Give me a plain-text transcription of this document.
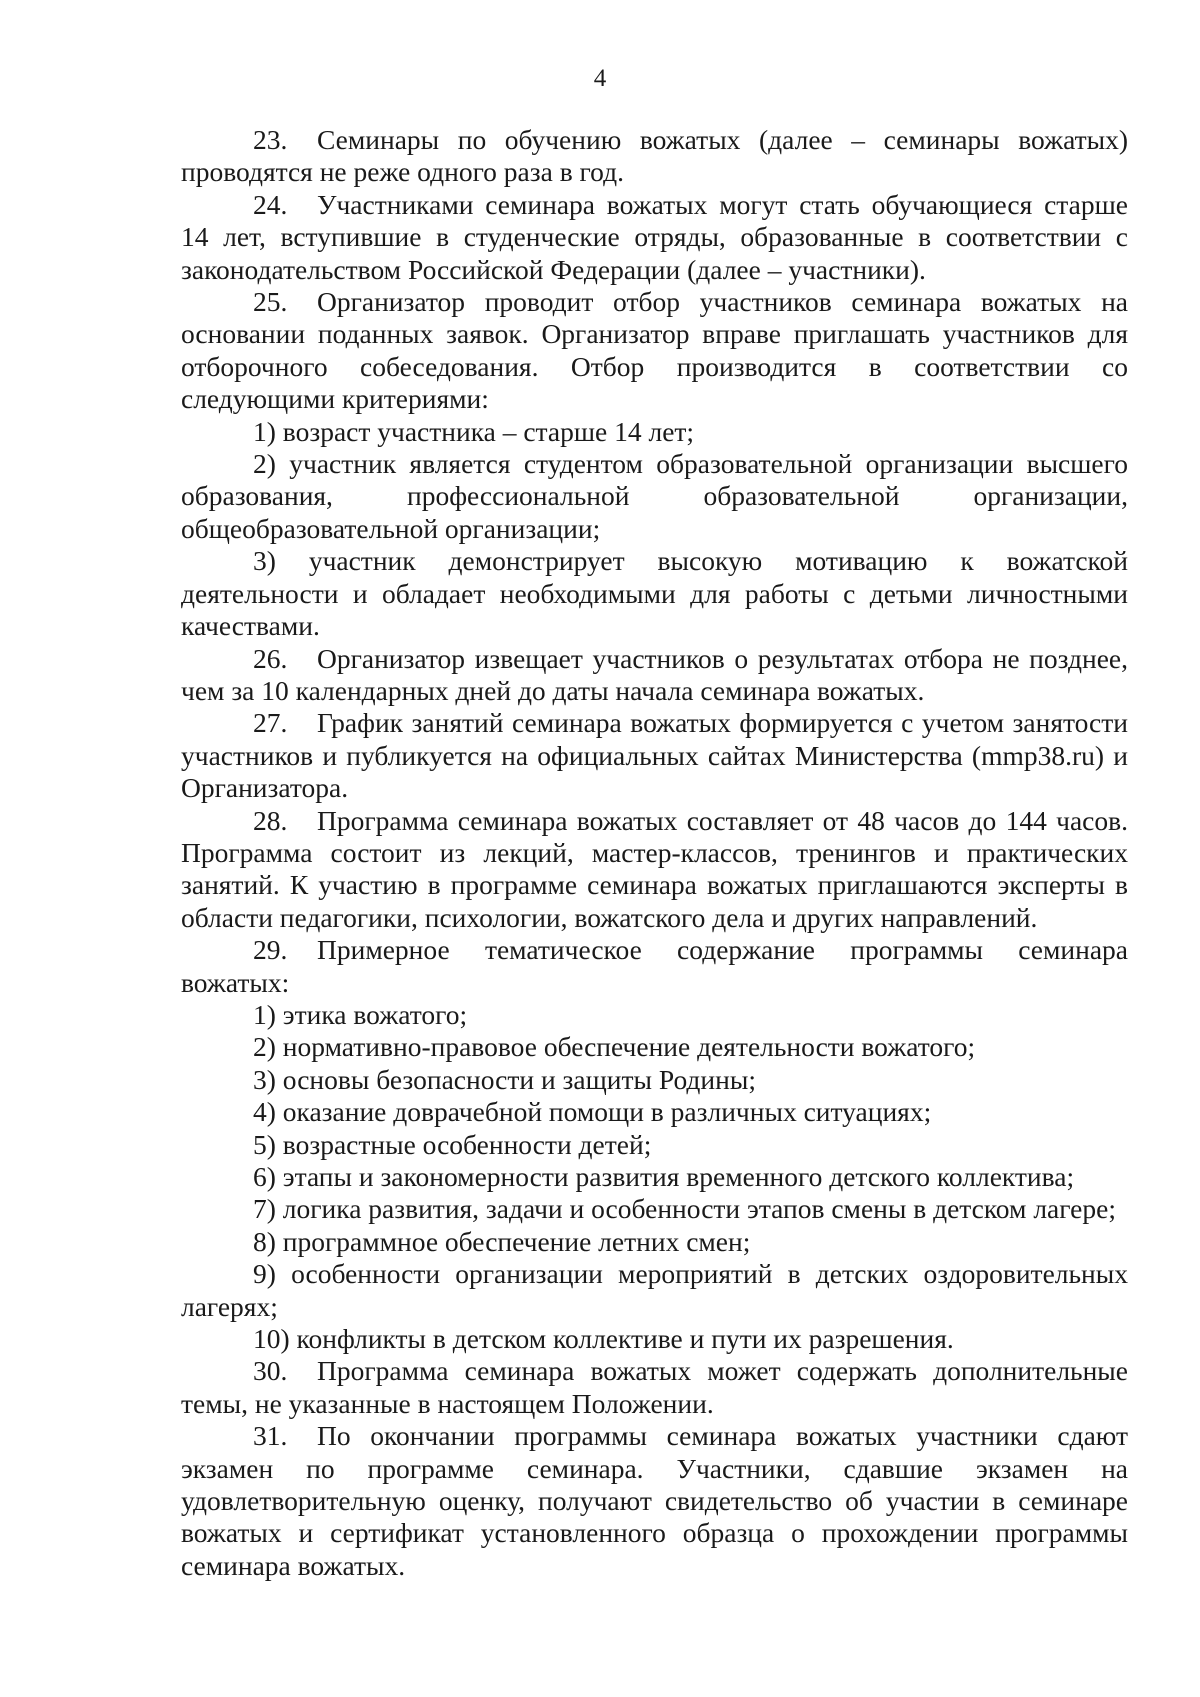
4

23. Семинары по обучению вожатых (далее – семинары вожатых) проводятся не реже одного раза в год.

24. Участниками семинара вожатых могут стать обучающиеся старше 14 лет, вступившие в студенческие отряды, образованные в соответствии с законодательством Российской Федерации (далее – участники).

25. Организатор проводит отбор участников семинара вожатых на основании поданных заявок. Организатор вправе приглашать участников для отборочного собеседования. Отбор производится в соответствии со следующими критериями:

1) возраст участника – старше 14 лет;

2) участник является студентом образовательной организации высшего образования, профессиональной образовательной организации, общеобразовательной организации;

3) участник демонстрирует высокую мотивацию к вожатской деятельности и обладает необходимыми для работы с детьми личностными качествами.

26. Организатор извещает участников о результатах отбора не позднее, чем за 10 календарных дней до даты начала семинара вожатых.

27. График занятий семинара вожатых формируется с учетом занятости участников и публикуется на официальных сайтах Министерства (mmp38.ru) и Организатора.

28. Программа семинара вожатых составляет от 48 часов до 144 часов. Программа состоит из лекций, мастер-классов, тренингов и практических занятий. К участию в программе семинара вожатых приглашаются эксперты в области педагогики, психологии, вожатского дела и других направлений.

29. Примерное тематическое содержание программы семинара вожатых:

1) этика вожатого;

2) нормативно-правовое обеспечение деятельности вожатого;

3) основы безопасности и защиты Родины;

4) оказание доврачебной помощи в различных ситуациях;

5) возрастные особенности детей;

6) этапы и закономерности развития временного детского коллектива;

7) логика развития, задачи и особенности этапов смены в детском лагере;

8) программное обеспечение летних смен;

9) особенности организации мероприятий в детских оздоровительных лагерях;

10) конфликты в детском коллективе и пути их разрешения.

30. Программа семинара вожатых может содержать дополнительные темы, не указанные в настоящем Положении.

31. По окончании программы семинара вожатых участники сдают экзамен по программе семинара. Участники, сдавшие экзамен на удовлетворительную оценку, получают свидетельство об участии в семинаре вожатых и сертификат установленного образца о прохождении программы семинара вожатых.
